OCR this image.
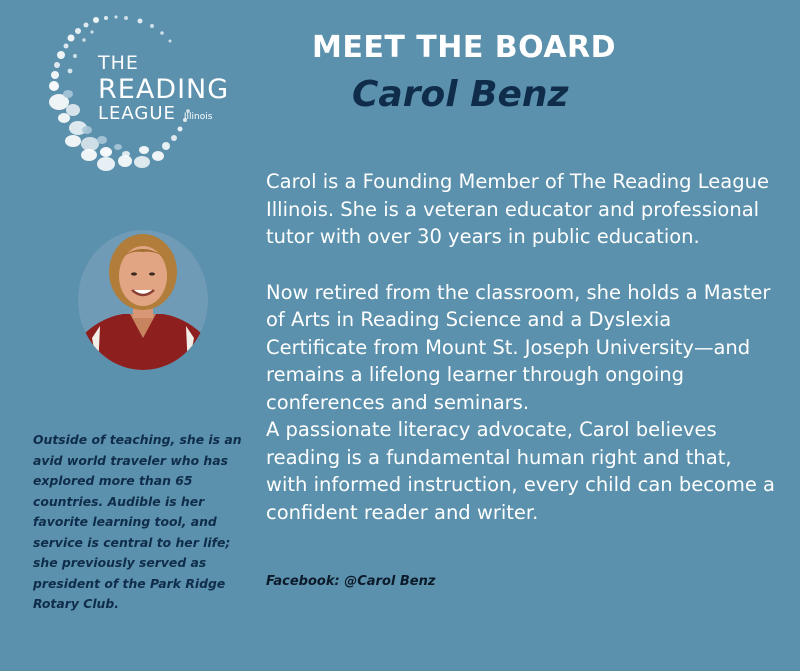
THE
READING
LEAGUE Illinois
MEET THE BOARD
Carol Benz

Carol is a Founding Member of The Reading League Illinois. She is a veteran educator and professional tutor with over 30 years in public education.

Now retired from the classroom, she holds a Master of Arts in Reading Science and a Dyslexia Certificate from Mount St. Joseph University—and remains a lifelong learner through ongoing conferences and seminars.

A passionate literacy advocate, Carol believes reading is a fundamental human right and that, with informed instruction, every child can become a confident reader and writer.

Outside of teaching, she is an avid world traveler who has explored more than 65 countries. Audible is her favorite learning tool, and service is central to her life; she previously served as president of the Park Ridge Rotary Club.
Facebook: @Carol Benz
